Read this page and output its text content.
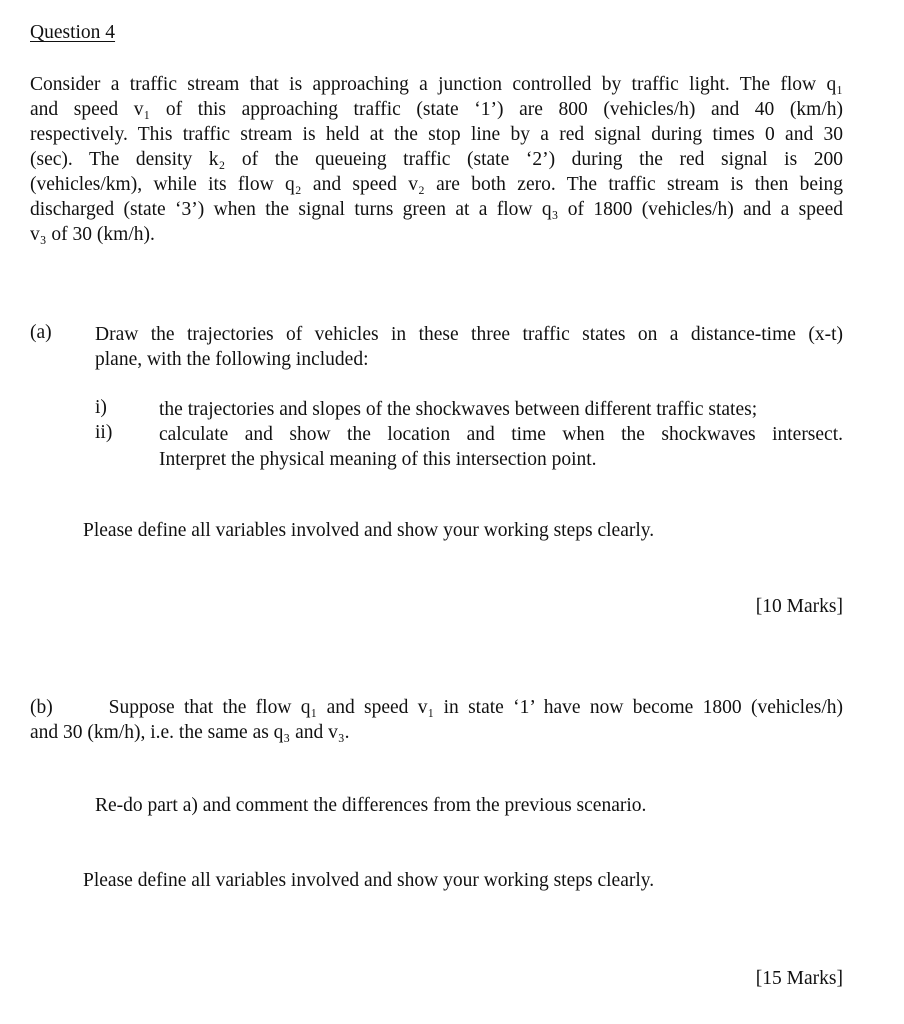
Question 4
Consider a traffic stream that is approaching a junction controlled by traffic light. The flow q₁
and speed v₁ of this approaching traffic (state ‘1’) are 800 (vehicles/h) and 40 (km/h)
respectively. This traffic stream is held at the stop line by a red signal during times 0 and 30
(sec). The density k₂ of the queueing traffic (state ‘2’) during the red signal is 200
(vehicles/km), while its flow q₂ and speed v₂ are both zero. The traffic stream is then being
discharged (state ‘3’) when the signal turns green at a flow q₃ of 1800 (vehicles/h) and a speed
v₃ of 30 (km/h).
(a) Draw the trajectories of vehicles in these three traffic states on a distance-time (x-t)
plane, with the following included:
i)	the trajectories and slopes of the shockwaves between different traffic states;
ii) calculate and show the location and time when the shockwaves intersect.
Interpret the physical meaning of this intersection point.
Please define all variables involved and show your working steps clearly.
[10 Marks]
(b)	Suppose that the flow q₁ and speed v₁ in state ‘1’ have now become 1800 (vehicles/h)
and 30 (km/h), i.e. the same as q₃ and v₃.
Re-do part a) and comment the differences from the previous scenario.
Please define all variables involved and show your working steps clearly.
[15 Marks]
